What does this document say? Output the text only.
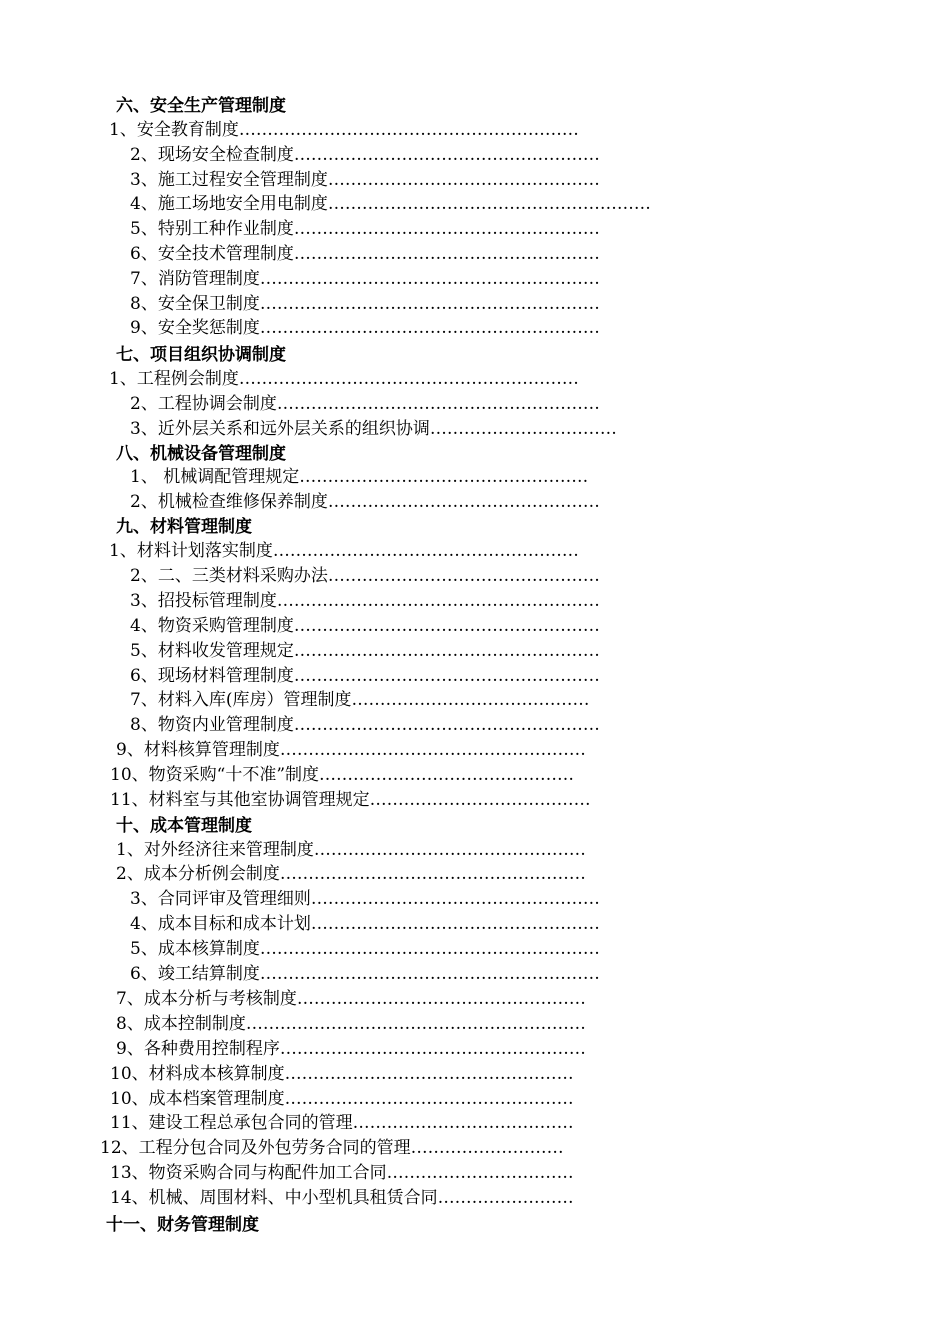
六、安全生产管理制度
1、安全教育制度……………………………………………………
2、现场安全检查制度………………………………………………
3、施工过程安全管理制度…………………………………………
4、施工场地安全用电制度…………………………………………………
5、特别工种作业制度………………………………………………
6、安全技术管理制度………………………………………………
7、消防管理制度……………………………………………………
8、安全保卫制度……………………………………………………
9、安全奖惩制度……………………………………………………
七、项目组织协调制度
1、工程例会制度……………………………………………………
2、工程协调会制度…………………………………………………
3、近外层关系和远外层关系的组织协调……………………………
八、机械设备管理制度
1、 机械调配管理规定……………………………………………
2、机械检查维修保养制度…………………………………………
九、材料管理制度
1、材料计划落实制度………………………………………………
2、二、三类材料采购办法…………………………………………
3、招投标管理制度…………………………………………………
4、物资采购管理制度………………………………………………
5、材料收发管理规定………………………………………………
6、现场材料管理制度………………………………………………
7、材料入库(库房）管理制度……………………………………
8、物资内业管理制度………………………………………………
9、材料核算管理制度………………………………………………
10、物资采购“十不准”制度………………………………………
11、材料室与其他室协调管理规定…………………………………
十、成本管理制度
1、对外经济往来管理制度…………………………………………
2、成本分析例会制度………………………………………………
3、合同评审及管理细则……………………………………………
4、成本目标和成本计划……………………………………………
5、成本核算制度……………………………………………………
6、竣工结算制度……………………………………………………
7、成本分析与考核制度……………………………………………
8、成本控制制度……………………………………………………
9、各种费用控制程序………………………………………………
10、材料成本核算制度……………………………………………
10、成本档案管理制度……………………………………………
11、建设工程总承包合同的管理…………………………………
12、工程分包合同及外包劳务合同的管理………………………
13、物资采购合同与构配件加工合同……………………………
14、机械、周围材料、中小型机具租赁合同……………………
十一、财务管理制度
